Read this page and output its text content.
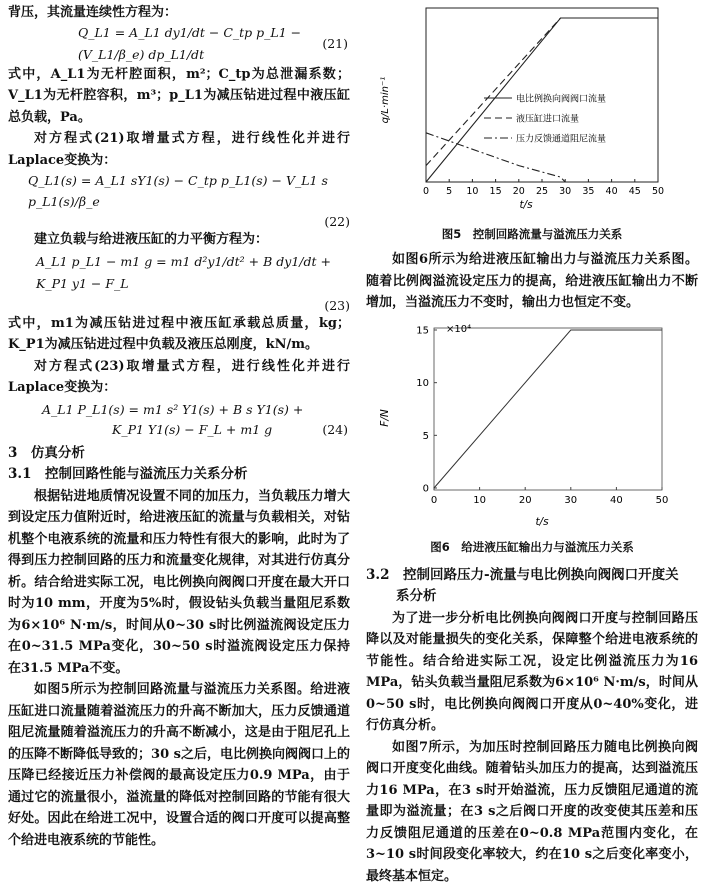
背压，其流量连续性方程为：

Q_L1 = A_L1 dy1/dt − C_tp p_L1 − (V_L1/β_e) dp_L1/dt
(21)

式中，A_L1为无杆腔面积，m²；C_tp为总泄漏系数；V_L1为无杆腔容积，m³；p_L1为减压钻进过程中液压缸总负载，Pa。

对方程式(21)取增量式方程，进行线性化并进行Laplace变换为：

Q_L1(s) = A_L1 sY1(s) − C_tp p_L1(s) − V_L1 s p_L1(s)/β_e
(22)

建立负载与给进液压缸的力平衡方程为：

A_L1 p_L1 − m1 g = m1 d²y1/dt² + B dy1/dt + K_P1 y1 − F_L
(23)

式中，m1为减压钻进过程中液压缸承载总质量，kg；K_P1为减压钻进过程中负载及液压总刚度，kN/m。

对方程式(23)取增量式方程，进行线性化并进行Laplace变换为：

A_L1 P_L1(s) = m1 s² Y1(s) + B s Y1(s) +
K_P1 Y1(s) − F_L + m1 g	(24)
3　仿真分析
3.1　控制回路性能与溢流压力关系分析

根据钻进地质情况设置不同的加压力，当负载压力增大到设定压力值附近时，给进液压缸的流量与负载相关，对钻机整个电液系统的流量和压力特性有很大的影响，此时为了得到压力控制回路的压力和流量变化规律，对其进行仿真分析。结合给进实际工况，电比例换向阀阀口开度在最大开口时为10 mm，开度为5%时，假设钻头负载当量阻尼系数为6×10⁶ N·m/s，时间从0~30 s时比例溢流阀设定压力在0~31.5 MPa变化，30~50 s时溢流阀设定压力保持在31.5 MPa不变。

如图5所示为控制回路流量与溢流压力关系图。给进液压缸进口流量随着溢流压力的升高不断加大，压力反馈通道阻尼流量随着溢流压力的升高不断减小，这是由于阻尼孔上的压降不断降低导致的；30 s之后，电比例换向阀阀口上的压降已经接近压力补偿阀的最高设定压力0.9 MPa，由于通过它的流量很小，溢流量的降低对控制回路的节能有很大好处。因此在给进工况中，设置合适的阀口开度可以提高整个给进电液系统的节能性。

0 5 10 15 20 25 30 35 40 45 50
q/L·min⁻¹
t/s
电比例换向阀阀口流量
液压缸进口流量
压力反馈通道阻尼流量
图5　控制回路流量与溢流压力关系

如图6所示为给进液压缸输出力与溢流压力关系图。随着比例阀溢流设定压力的提高，给进液压缸输出力不断增加，当溢流压力不变时，输出力也恒定不变。

0	10	20	30	40	50
0
5
10
15 ×10⁴
F/N
t/s
图6　给进液压缸输出力与溢流压力关系
3.2　控制回路压力-流量与电比例换向阀阀口开度关
系分析

为了进一步分析电比例换向阀阀口开度与控制回路压降以及对能量损失的变化关系，保障整个给进电液系统的节能性。结合给进实际工况，设定比例溢流压力为16 MPa，钻头负载当量阻尼系数为6×10⁶ N·m/s，时间从0~50 s时，电比例换向阀阀口开度从0~40%变化，进行仿真分析。

如图7所示，为加压时控制回路压力随电比例换向阀阀口开度变化曲线。随着钻头加压力的提高，达到溢流压力16 MPa，在3 s时开始溢流，压力反馈阻尼通道的流量即为溢流量；在3 s之后阀口开度的改变使其压差和压力反馈阻尼通道的压差在0~0.8 MPa范围内变化，在3~10 s时间段变化率较大，约在10 s之后变化率变小，最终基本恒定。
